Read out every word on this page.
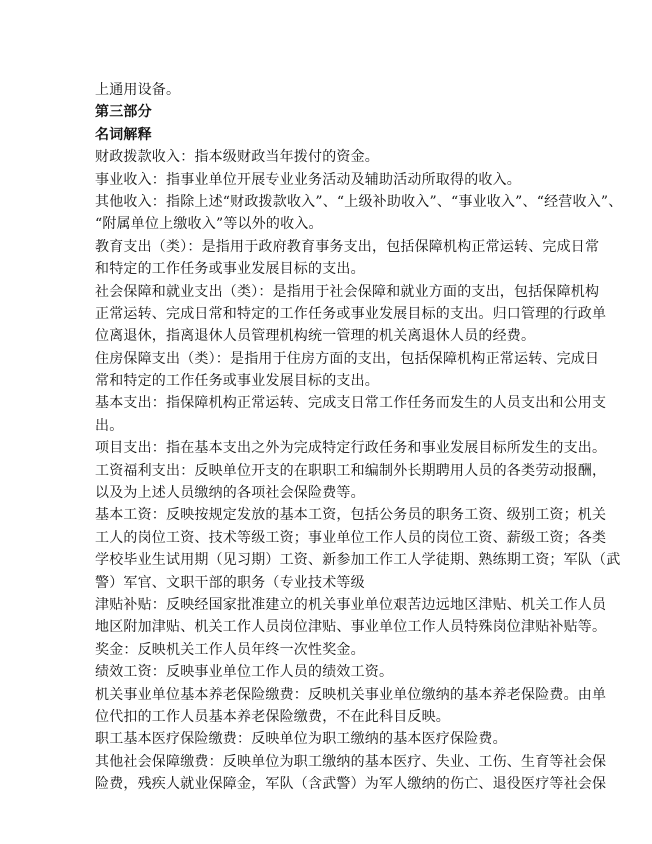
上通用设备。
第三部分
名词解释
财政拨款收入：指本级财政当年拨付的资金。
事业收入：指事业单位开展专业业务活动及辅助活动所取得的收入。
其他收入：指除上述“财政拨款收入”、“上级补助收入”、“事业收入”、“经营收入”、
“附属单位上缴收入”等以外的收入。
教育支出（类）：是指用于政府教育事务支出，包括保障机构正常运转、完成日常
和特定的工作任务或事业发展目标的支出。
社会保障和就业支出（类）：是指用于社会保障和就业方面的支出，包括保障机构
正常运转、完成日常和特定的工作任务或事业发展目标的支出。归口管理的行政单
位离退休，指离退休人员管理机构统一管理的机关离退休人员的经费。
住房保障支出（类）：是指用于住房方面的支出，包括保障机构正常运转、完成日
常和特定的工作任务或事业发展目标的支出。
基本支出：指保障机构正常运转、完成支日常工作任务而发生的人员支出和公用支
出。
项目支出：指在基本支出之外为完成特定行政任务和事业发展目标所发生的支出。
工资福利支出：反映单位开支的在职职工和编制外长期聘用人员的各类劳动报酬，
以及为上述人员缴纳的各项社会保险费等。
基本工资：反映按规定发放的基本工资，包括公务员的职务工资、级别工资；机关
工人的岗位工资、技术等级工资；事业单位工作人员的岗位工资、薪级工资；各类
学校毕业生试用期（见习期）工资、新参加工作工人学徒期、熟练期工资；军队（武
警）军官、文职干部的职务（专业技术等级
津贴补贴：反映经国家批准建立的机关事业单位艰苦边远地区津贴、机关工作人员
地区附加津贴、机关工作人员岗位津贴、事业单位工作人员特殊岗位津贴补贴等。
奖金：反映机关工作人员年终一次性奖金。
绩效工资：反映事业单位工作人员的绩效工资。
机关事业单位基本养老保险缴费：反映机关事业单位缴纳的基本养老保险费。由单
位代扣的工作人员基本养老保险缴费，不在此科目反映。
职工基本医疗保险缴费：反映单位为职工缴纳的基本医疗保险费。
其他社会保障缴费：反映单位为职工缴纳的基本医疗、失业、工伤、生育等社会保
险费，残疾人就业保障金，军队（含武警）为军人缴纳的伤亡、退役医疗等社会保
